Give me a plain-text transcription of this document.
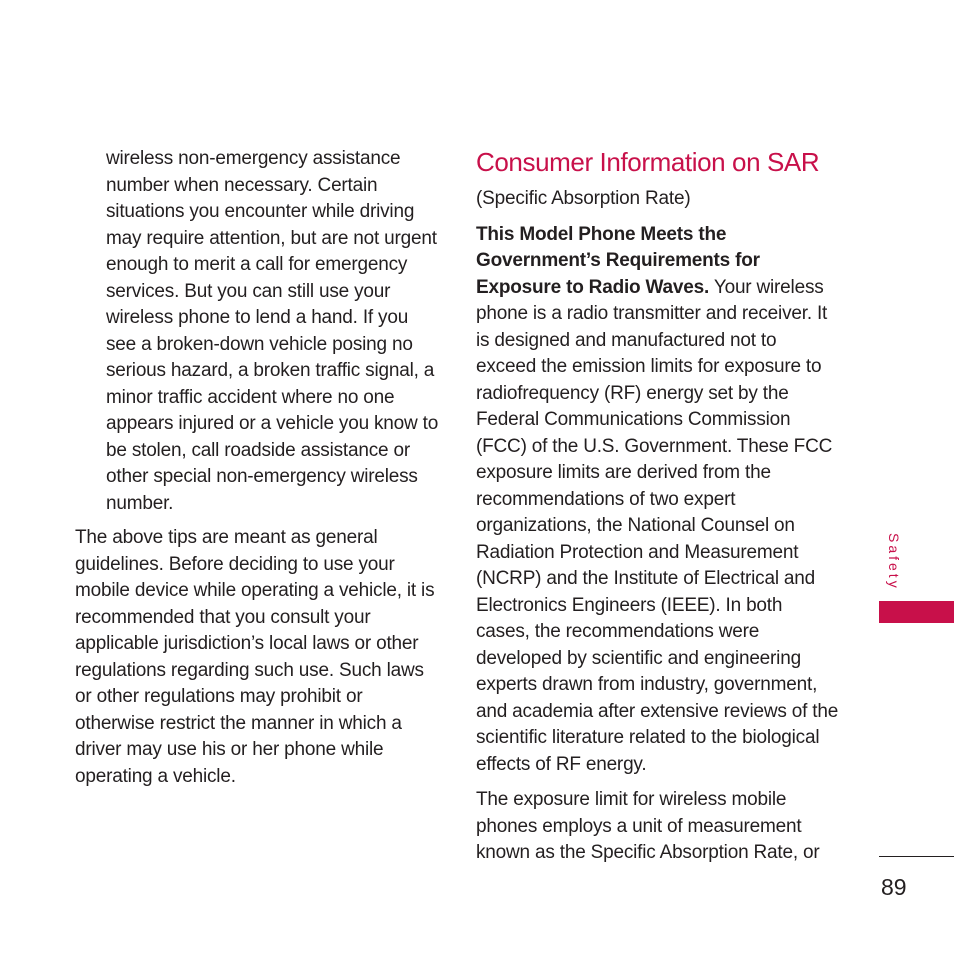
wireless non-emergency assistance number when necessary. Certain situations you encounter while driving may require attention, but are not urgent enough to merit a call for emergency services. But you can still use your wireless phone to lend a hand. If you see a broken-down vehicle posing no serious hazard, a broken traffic signal, a minor traffic accident where no one appears injured or a vehicle you know to be stolen, call roadside assistance or other special non-emergency wireless number.

The above tips are meant as general guidelines. Before deciding to use your mobile device while operating a vehicle, it is recommended that you consult your applicable jurisdiction’s local laws or other regulations regarding such use. Such laws or other regulations may prohibit or otherwise restrict the manner in which a driver may use his or her phone while operating a vehicle.

Consumer Information on SAR

(Specific Absorption Rate)

This Model Phone Meets the Government’s Requirements for Exposure to Radio Waves. Your wireless phone is a radio transmitter and receiver. It is designed and manufactured not to exceed the emission limits for exposure to radiofrequency (RF) energy set by the Federal Communications Commission (FCC) of the U.S. Government. These FCC exposure limits are derived from the recommendations of two expert organizations, the National Counsel on Radiation Protection and Measurement (NCRP) and the Institute of Electrical and Electronics Engineers (IEEE). In both cases, the recommendations were developed by scientific and engineering experts drawn from industry, government, and academia after extensive reviews of the scientific literature related to the biological effects of RF energy.

The exposure limit for wireless mobile phones employs a unit of measurement known as the Specific Absorption Rate, or

Safety
89
